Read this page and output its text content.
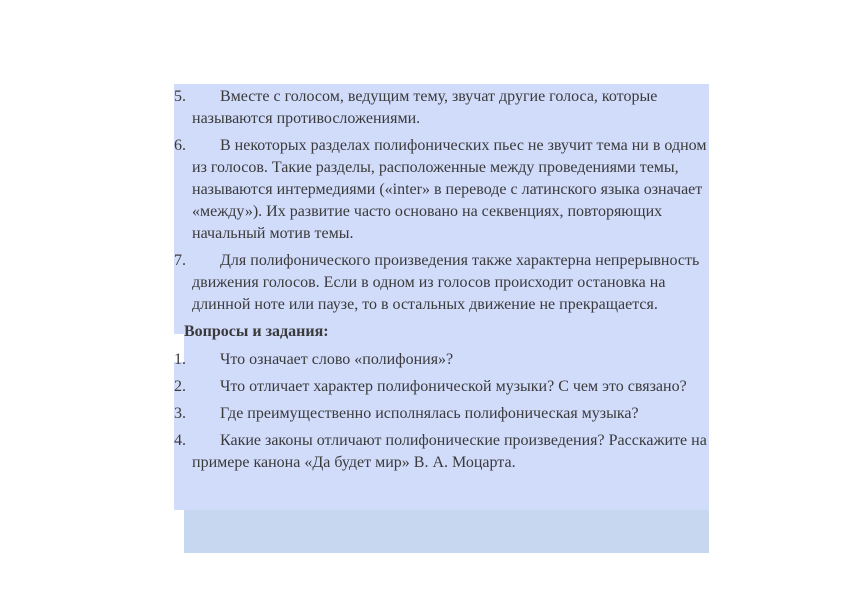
5. Вместе с голосом, ведущим тему, звучат другие голоса, которые называются противосложениями.
6. В некоторых разделах полифонических пьес не звучит тема ни в одном из голосов. Такие разделы, расположенные между проведениями темы, называются интермедиями («inter» в переводе с латинского языка означает «между»). Их развитие часто основано на секвенциях, повторяющих начальный мотив темы.
7. Для полифонического произведения также характерна непрерывность движения голосов. Если в одном из голосов происходит остановка на длинной ноте или паузе, то в остальных движение не прекращается.
Вопросы и задания:
1. Что означает слово «полифония»?
2. Что отличает характер полифонической музыки? С чем это связано?
3. Где преимущественно исполнялась полифоническая музыка?
4. Какие законы отличают полифонические произведения? Расскажите на примере канона «Да будет мир» В. А. Моцарта.
